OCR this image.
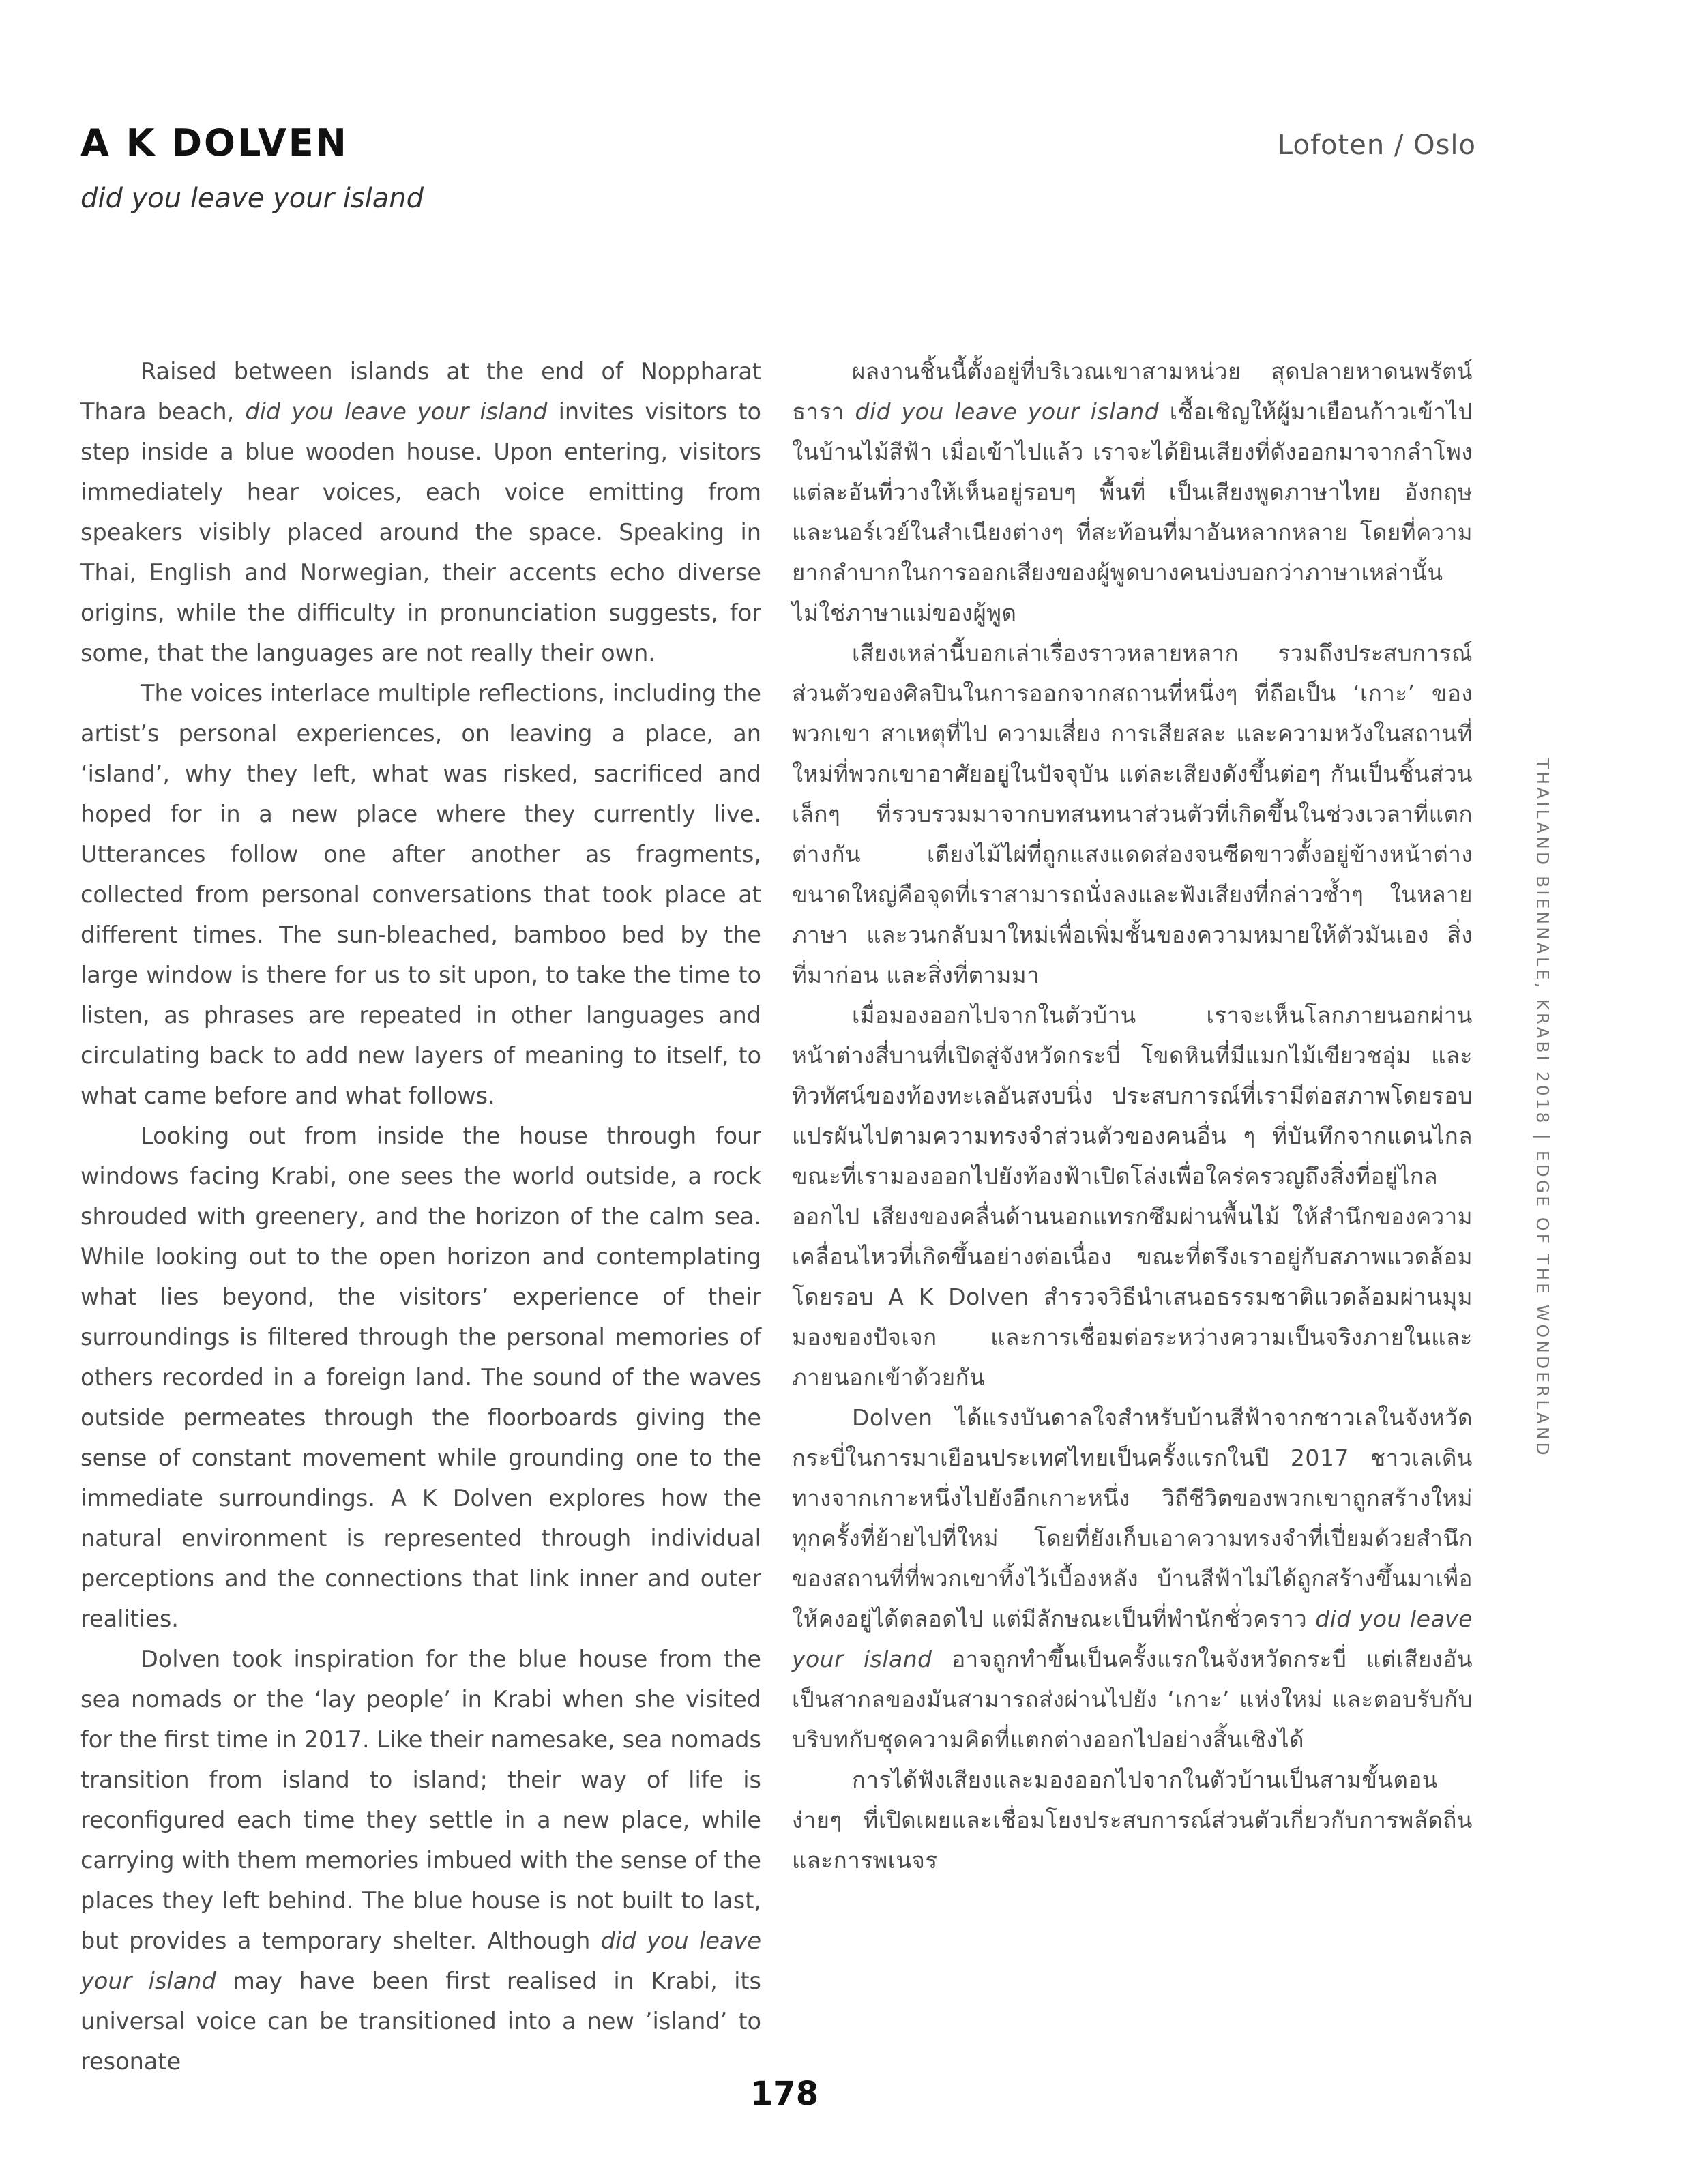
A K DOLVEN

did you leave your island

Lofoten / Oslo

Raised between islands at the end of Noppharat Thara beach, did you leave your island invites visitors to step inside a blue wooden house. Upon entering, visitors immediately hear voices, each voice emitting from speakers visibly placed around the space. Speaking in Thai, English and Norwegian, their accents echo diverse origins, while the difficulty in pronunciation suggests, for some, that the languages are not really their own.

The voices interlace multiple reflections, including the artist’s personal experiences, on leaving a place, an ‘island’, why they left, what was risked, sacrificed and hoped for in a new place where they currently live. Utterances follow one after another as fragments, collected from personal conversations that took place at different times. The sun-bleached, bamboo bed by the large window is there for us to sit upon, to take the time to listen, as phrases are repeated in other languages and circulating back to add new layers of meaning to itself, to what came before and what follows.

Looking out from inside the house through four windows facing Krabi, one sees the world outside, a rock shrouded with greenery, and the horizon of the calm sea. While looking out to the open horizon and contemplating what lies beyond, the visitors’ experience of their surroundings is filtered through the personal memories of others recorded in a foreign land. The sound of the waves outside permeates through the floorboards giving the sense of constant movement while grounding one to the immediate surroundings. A K Dolven explores how the natural environment is represented through individual perceptions and the connections that link inner and outer realities.

Dolven took inspiration for the blue house from the sea nomads or the ‘lay people’ in Krabi when she visited for the first time in 2017. Like their namesake, sea nomads transition from island to island; their way of life is reconfigured each time they settle in a new place, while carrying with them memories imbued with the sense of the places they left behind. The blue house is not built to last, but provides a temporary shelter. Although did you leave your island may have been first realised in Krabi, its universal voice can be transitioned into a new ’island’ to resonate

ผลงานชิ้นนี้ตั้งอยู่ที่บริเวณเขาสามหน่วย สุดปลายหาดนพรัตน์ธารา did you leave your island เชื้อเชิญให้ผู้มาเยือนก้าวเข้าไปในบ้านไม้สีฟ้า เมื่อเข้าไปแล้ว เราจะได้ยินเสียงที่ดังออกมาจากลำโพงแต่ละอันที่วางให้เห็นอยู่รอบๆ พื้นที่ เป็นเสียงพูดภาษาไทย อังกฤษ และนอร์เวย์ในสำเนียงต่างๆ ที่สะท้อนที่มาอันหลากหลาย โดยที่ความยากลำบากในการออกเสียงของผู้พูดบางคนบ่งบอกว่าภาษาเหล่านั้นไม่ใช่ภาษาแม่ของผู้พูด

เสียงเหล่านี้บอกเล่าเรื่องราวหลายหลาก รวมถึงประสบการณ์ส่วนตัวของศิลปินในการออกจากสถานที่หนึ่งๆ ที่ถือเป็น ‘เกาะ’ ของพวกเขา สาเหตุที่ไป ความเสี่ยง การเสียสละ และความหวังในสถานที่ใหม่ที่พวกเขาอาศัยอยู่ในปัจจุบัน แต่ละเสียงดังขึ้นต่อๆ กันเป็นชิ้นส่วนเล็กๆ ที่รวบรวมมาจากบทสนทนาส่วนตัวที่เกิดขึ้นในช่วงเวลาที่แตกต่างกัน เตียงไม้ไผ่ที่ถูกแสงแดดส่องจนซีดขาวตั้งอยู่ข้างหน้าต่างขนาดใหญ่คือจุดที่เราสามารถนั่งลงและฟังเสียงที่กล่าวซ้ำๆ ในหลายภาษา และวนกลับมาใหม่เพื่อเพิ่มชั้นของความหมายให้ตัวมันเอง สิ่งที่มาก่อน และสิ่งที่ตามมา

เมื่อมองออกไปจากในตัวบ้าน เราจะเห็นโลกภายนอกผ่านหน้าต่างสี่บานที่เปิดสู่จังหวัดกระบี่ โขดหินที่มีแมกไม้เขียวชอุ่ม และทิวทัศน์ของท้องทะเลอันสงบนิ่ง ประสบการณ์ที่เรามีต่อสภาพโดยรอบแปรผันไปตามความทรงจำส่วนตัวของคนอื่น ๆ ที่บันทึกจากแดนไกล ขณะที่เรามองออกไปยังท้องฟ้าเปิดโล่งเพื่อใคร่ครวญถึงสิ่งที่อยู่ไกลออกไป เสียงของคลื่นด้านนอกแทรกซึมผ่านพื้นไม้ ให้สำนึกของความเคลื่อนไหวที่เกิดขึ้นอย่างต่อเนื่อง ขณะที่ตรึงเราอยู่กับสภาพแวดล้อมโดยรอบ A K Dolven สำรวจวิธีนำเสนอธรรมชาติแวดล้อมผ่านมุมมองของปัจเจก และการเชื่อมต่อระหว่างความเป็นจริงภายในและภายนอกเข้าด้วยกัน

Dolven ได้แรงบันดาลใจสำหรับบ้านสีฟ้าจากชาวเลในจังหวัดกระบี่ในการมาเยือนประเทศไทยเป็นครั้งแรกในปี 2017 ชาวเลเดินทางจากเกาะหนึ่งไปยังอีกเกาะหนึ่ง วิถีชีวิตของพวกเขาถูกสร้างใหม่ทุกครั้งที่ย้ายไปที่ใหม่ โดยที่ยังเก็บเอาความทรงจำที่เปี่ยมด้วยสำนึกของสถานที่ที่พวกเขาทิ้งไว้เบื้องหลัง บ้านสีฟ้าไม่ได้ถูกสร้างขึ้นมาเพื่อให้คงอยู่ได้ตลอดไป แต่มีลักษณะเป็นที่พำนักชั่วคราว did you leave your island อาจถูกทำขึ้นเป็นครั้งแรกในจังหวัดกระบี่ แต่เสียงอันเป็นสากลของมันสามารถส่งผ่านไปยัง ‘เกาะ’ แห่งใหม่ และตอบรับกับบริบทกับชุดความคิดที่แตกต่างออกไปอย่างสิ้นเชิงได้

การได้ฟังเสียงและมองออกไปจากในตัวบ้านเป็นสามขั้นตอนง่ายๆ ที่เปิดเผยและเชื่อมโยงประสบการณ์ส่วนตัวเกี่ยวกับการพลัดถิ่นและการพเนจร

THAILAND BIENNALE, KRABI 2018 | EDGE OF THE WONDERLAND

178
